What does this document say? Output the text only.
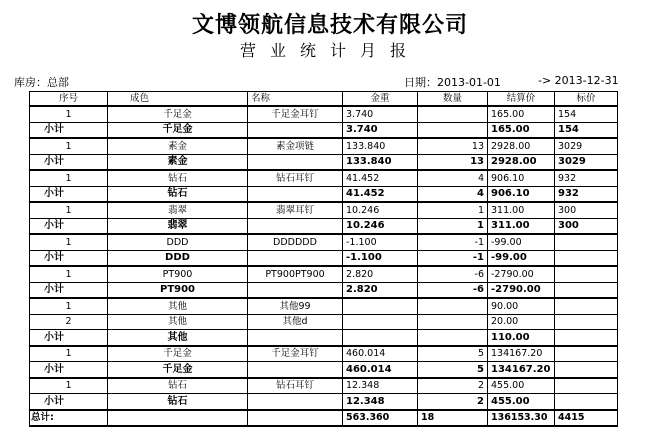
文博领航信息技术有限公司
营业统计月报
库房：总部	日期：2013-01-01	-> 2013-12-31
序号	成色	名称	金重	数量	结算价	标价
1	千足金	千足金耳钉	3.740		165.00	154
小计	千足金		3.740		165.00	154
1	素金	素金项链	133.840	13	2928.00	3029
小计	素金		133.840	13	2928.00	3029
1	钻石	钻石耳钉	41.452	4	906.10	932
小计	钻石		41.452	4	906.10	932
1	翡翠	翡翠耳钉	10.246	1	311.00	300
小计	翡翠		10.246	1	311.00	300
1	DDD	DDDDDD	-1.100	-1	-99.00	
小计	DDD		-1.100	-1	-99.00	
1	PT900	PT900PT900	2.820	-6	-2790.00	
小计	PT900		2.820	-6	-2790.00	
1	其他	其他99			90.00	
2	其他	其他d			20.00	
小计	其他				110.00	
1	千足金	千足金耳钉	460.014	5	134167.20	
小计	千足金		460.014	5	134167.20	
1	钻石	钻石耳钉	12.348	2	455.00	
小计	钻石		12.348	2	455.00	
总计:			563.360	18	136153.30	4415
